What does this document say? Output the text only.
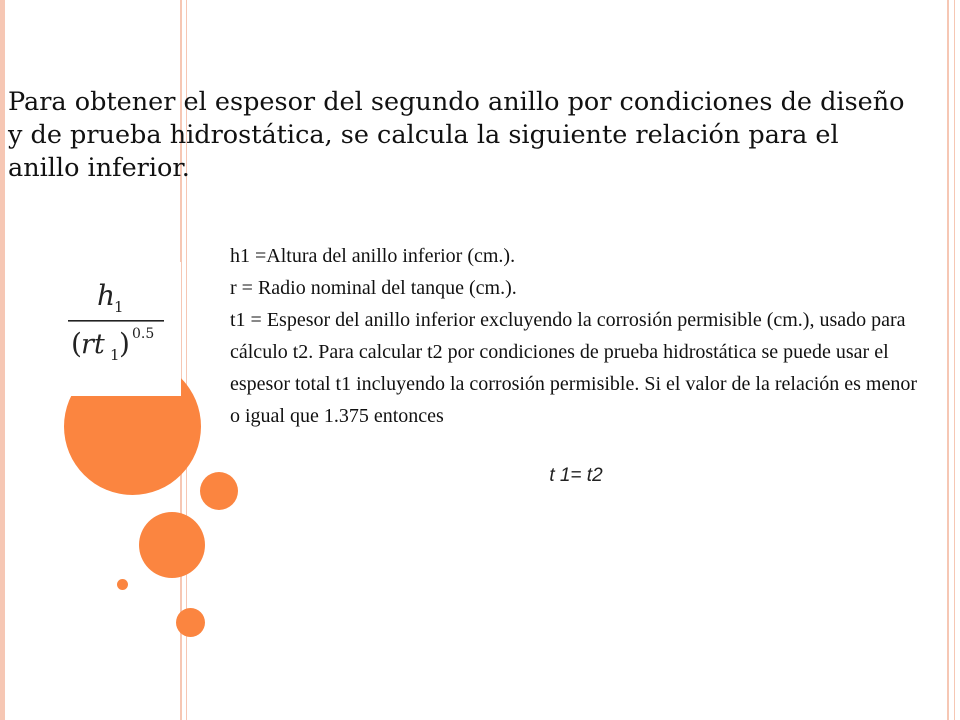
Para obtener el espesor del segundo anillo por condiciones de diseño y de prueba hidrostática, se calcula la siguiente relación para el anillo inferior.
h
1
( rt 1 ) 0.5

h1 =Altura del anillo inferior (cm.).

r = Radio nominal del tanque (cm.).

t1 = Espesor del anillo inferior excluyendo la corrosión permisible (cm.), usado para cálculo t2. Para calcular t2 por condiciones de prueba hidrostática se puede usar el espesor total t1 incluyendo la corrosión permisible. Si el valor de la relación es menor o igual que 1.375 entonces

t 1= t2
